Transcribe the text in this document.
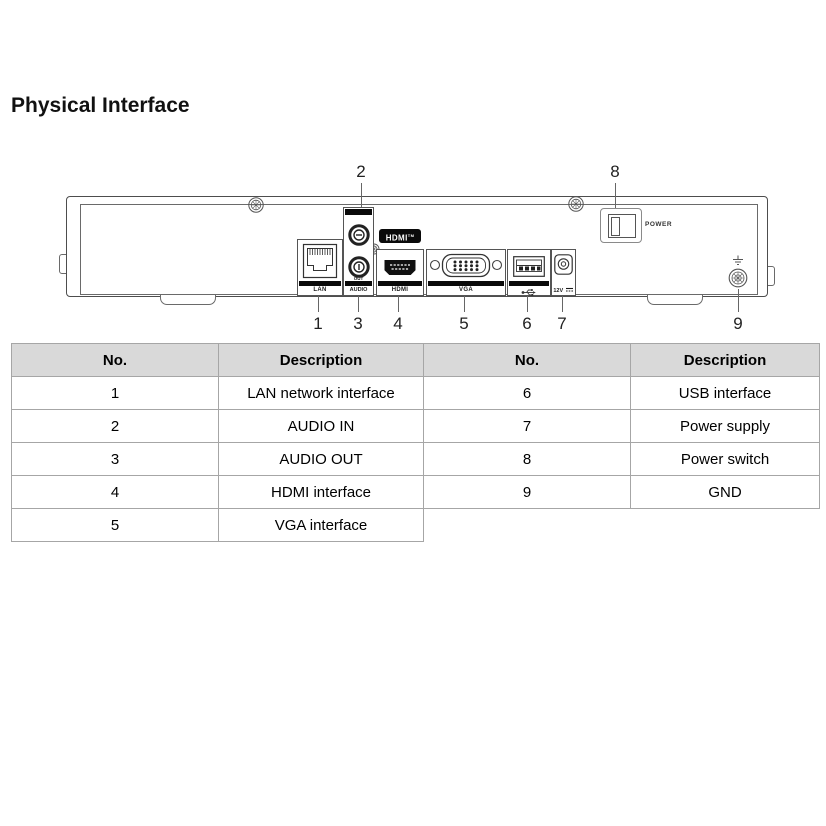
Physical Interface
LAN
IN
OUT
AUDIO
HDMI™
HDMI	VGA	12V
POWER
2	8
1	3	4	5	6	7	9
No.	Description	No.	Description
1	LAN network interface	6	USB interface
2	AUDIO IN	7	Power supply
3	AUDIO OUT	8	Power switch
4	HDMI interface	9	GND
5	VGA interface		
